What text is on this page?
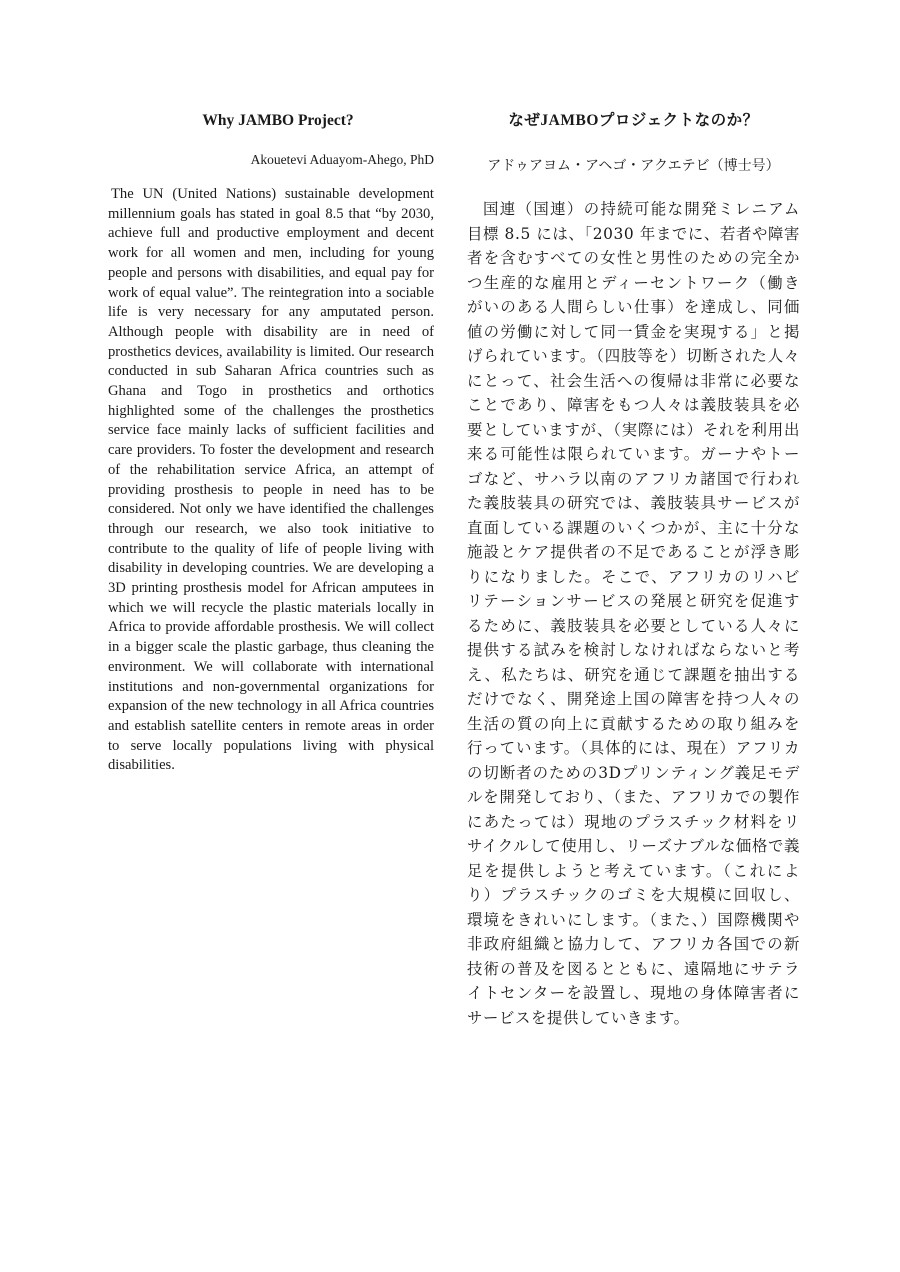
Why JAMBO Project?

Akouetevi Aduayom-Ahego, PhD

The UN (United Nations) sustainable development millennium goals has stated in goal 8.5 that “by 2030, achieve full and productive employment and decent work for all women and men, including for young people and persons with disabilities, and equal pay for work of equal value”. The reintegration into a sociable life is very necessary for any amputated person. Although people with disability are in need of prosthetics devices, availability is limited. Our research conducted in sub Saharan Africa countries such as Ghana and Togo in prosthetics and orthotics highlighted some of the challenges the prosthetics service face mainly lacks of sufficient facilities and care providers. To foster the development and research of the rehabilitation service Africa, an attempt of providing prosthesis to people in need has to be considered. Not only we have identified the challenges through our research, we also took initiative to contribute to the quality of life of people living with disability in developing countries. We are developing a 3D printing prosthesis model for African amputees in which we will recycle the plastic materials locally in Africa to provide affordable prosthesis. We will collect in a bigger scale the plastic garbage, thus cleaning the environment. We will collaborate with international institutions and non-governmental organizations for expansion of the new technology in all Africa countries and establish satellite centers in remote areas in order to serve locally populations living with physical disabilities.

なぜJAMBOプロジェクトなのか？

アドゥアヨム・アヘゴ・アクエテビ（博士号）

国連（国連）の持続可能な開発ミレニアム目標 8.5 には、「2030 年までに、若者や障害者を含むすべての女性と男性のための完全かつ生産的な雇用とディーセントワーク（働きがいのある人間らしい仕事）を達成し、同価値の労働に対して同一賃金を実現する」と掲げられています。（四肢等を）切断された人々にとって、社会生活への復帰は非常に必要なことであり、障害をもつ人々は義肢装具を必要としていますが、（実際には）それを利用出来る可能性は限られています。ガーナやトーゴなど、サハラ以南のアフリカ諸国で行われた義肢装具の研究では、義肢装具サービスが直面している課題のいくつかが、主に十分な施設とケア提供者の不足であることが浮き彫りになりました。そこで、アフリカのリハビリテーションサービスの発展と研究を促進するために、義肢装具を必要としている人々に提供する試みを検討しなければならないと考え、私たちは、研究を通じて課題を抽出するだけでなく、開発途上国の障害を持つ人々の生活の質の向上に貢献するための取り組みを行っています。（具体的には、現在）アフリカの切断者のための3Dプリンティング義足モデルを開発しており、（また、アフリカでの製作にあたっては）現地のプラスチック材料をリサイクルして使用し、リーズナブルな価格で義足を提供しようと考えています。（これにより）プラスチックのゴミを大規模に回収し、環境をきれいにします。（また、）国際機関や非政府組織と協力して、アフリカ各国での新技術の普及を図るとともに、遠隔地にサテライトセンターを設置し、現地の身体障害者にサービスを提供していきます。
